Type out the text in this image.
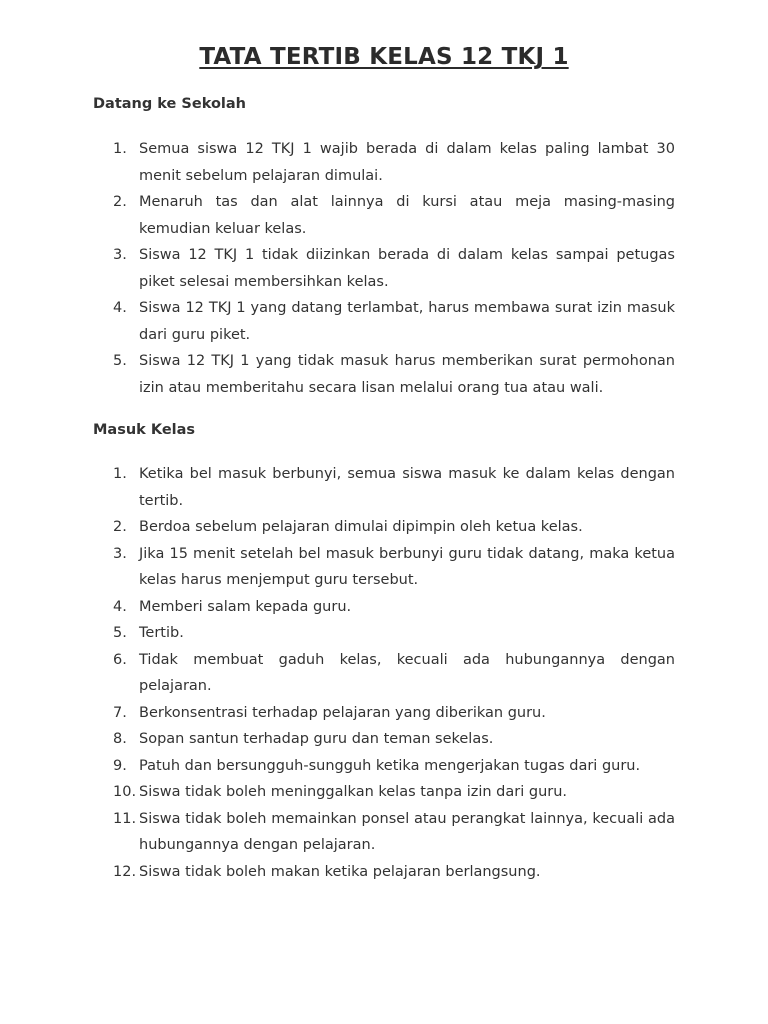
TATA TERTIB KELAS 12 TKJ 1
Datang ke Sekolah
1. Semua siswa 12 TKJ 1 wajib berada di dalam kelas paling lambat 30 menit sebelum pelajaran dimulai.
2. Menaruh tas dan alat lainnya di kursi atau meja masing-masing kemudian keluar kelas.
3. Siswa 12 TKJ 1 tidak diizinkan berada di dalam kelas sampai petugas piket selesai membersihkan kelas.
4. Siswa 12 TKJ 1 yang datang terlambat, harus membawa surat izin masuk dari guru piket.
5. Siswa 12 TKJ 1 yang tidak masuk harus memberikan surat permohonan izin atau memberitahu secara lisan melalui orang tua atau wali.
Masuk Kelas
1. Ketika bel masuk berbunyi, semua siswa masuk ke dalam kelas dengan tertib.
2. Berdoa sebelum pelajaran dimulai dipimpin oleh ketua kelas.
3. Jika 15 menit setelah bel masuk berbunyi guru tidak datang, maka ketua kelas harus menjemput guru tersebut.
4. Memberi salam kepada guru.
5. Tertib.
6. Tidak membuat gaduh kelas, kecuali ada hubungannya dengan pelajaran.
7. Berkonsentrasi terhadap pelajaran yang diberikan guru.
8. Sopan santun terhadap guru dan teman sekelas.
9. Patuh dan bersungguh-sungguh ketika mengerjakan tugas dari guru.
10. Siswa tidak boleh meninggalkan kelas tanpa izin dari guru.
11. Siswa tidak boleh memainkan ponsel atau perangkat lainnya, kecuali ada hubungannya dengan pelajaran.
12. Siswa tidak boleh makan ketika pelajaran berlangsung.
